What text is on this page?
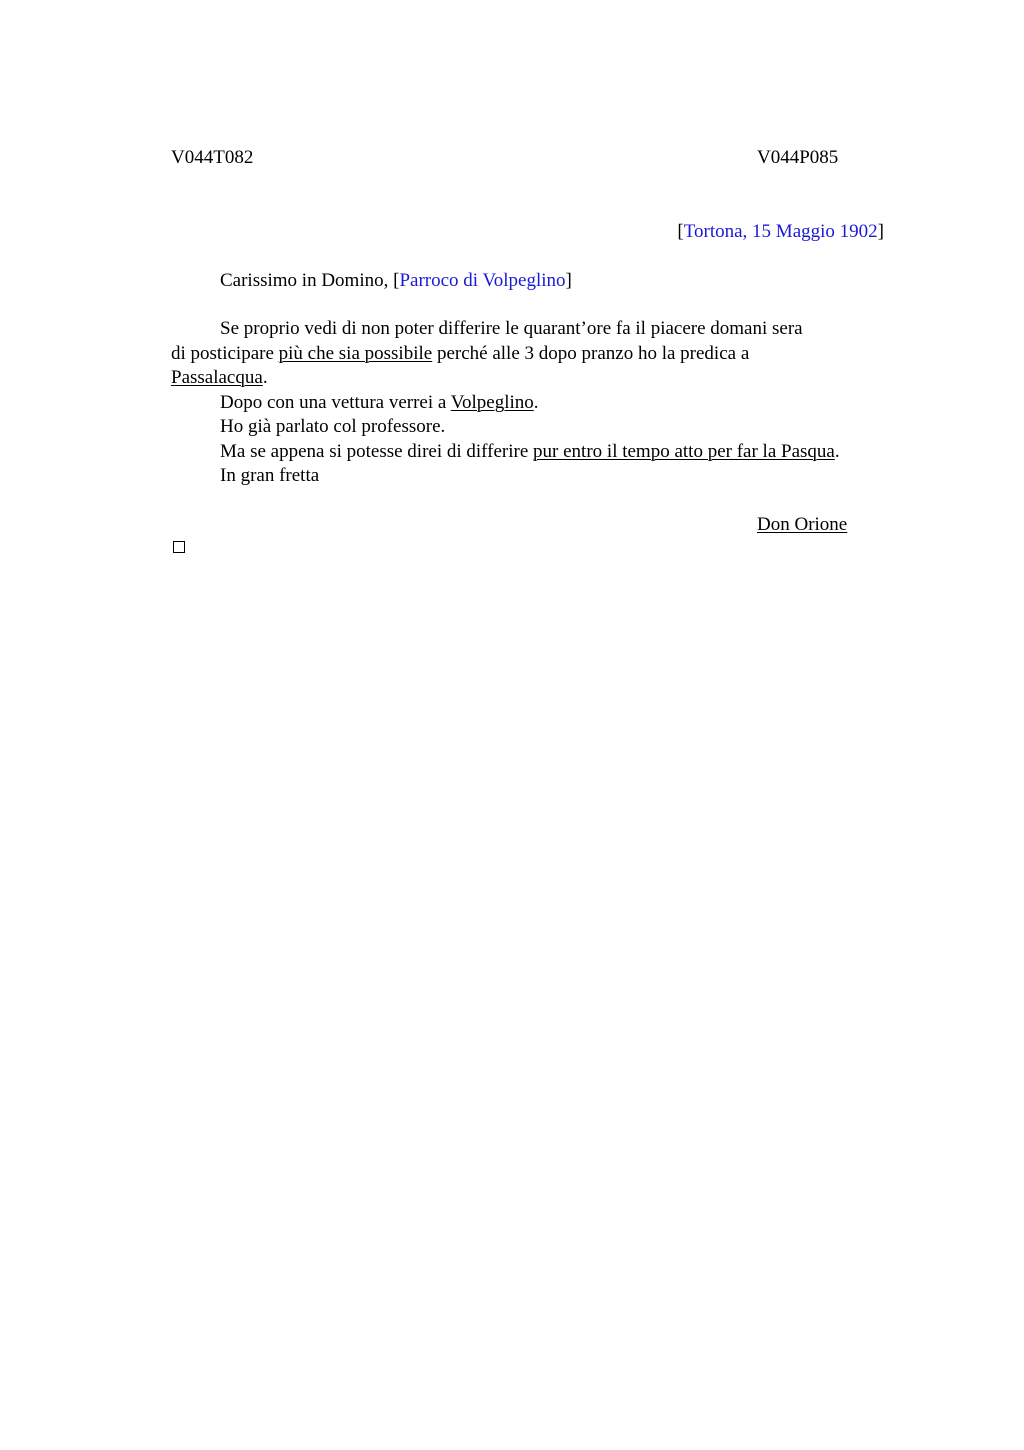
V044T082	V044P085
[Tortona, 15 Maggio 1902]
Carissimo in Domino, [Parroco di Volpeglino]
Se proprio vedi di non poter differire le quarant’ore fa il piacere domani sera
di posticipare più che sia possibile perché alle 3 dopo pranzo ho la predica a
Passalacqua.
Dopo con una vettura verrei a Volpeglino.
Ho già parlato col professore.
Ma se appena si potesse direi di differire pur entro il tempo atto per far la Pasqua.
In gran fretta
Don Orione
